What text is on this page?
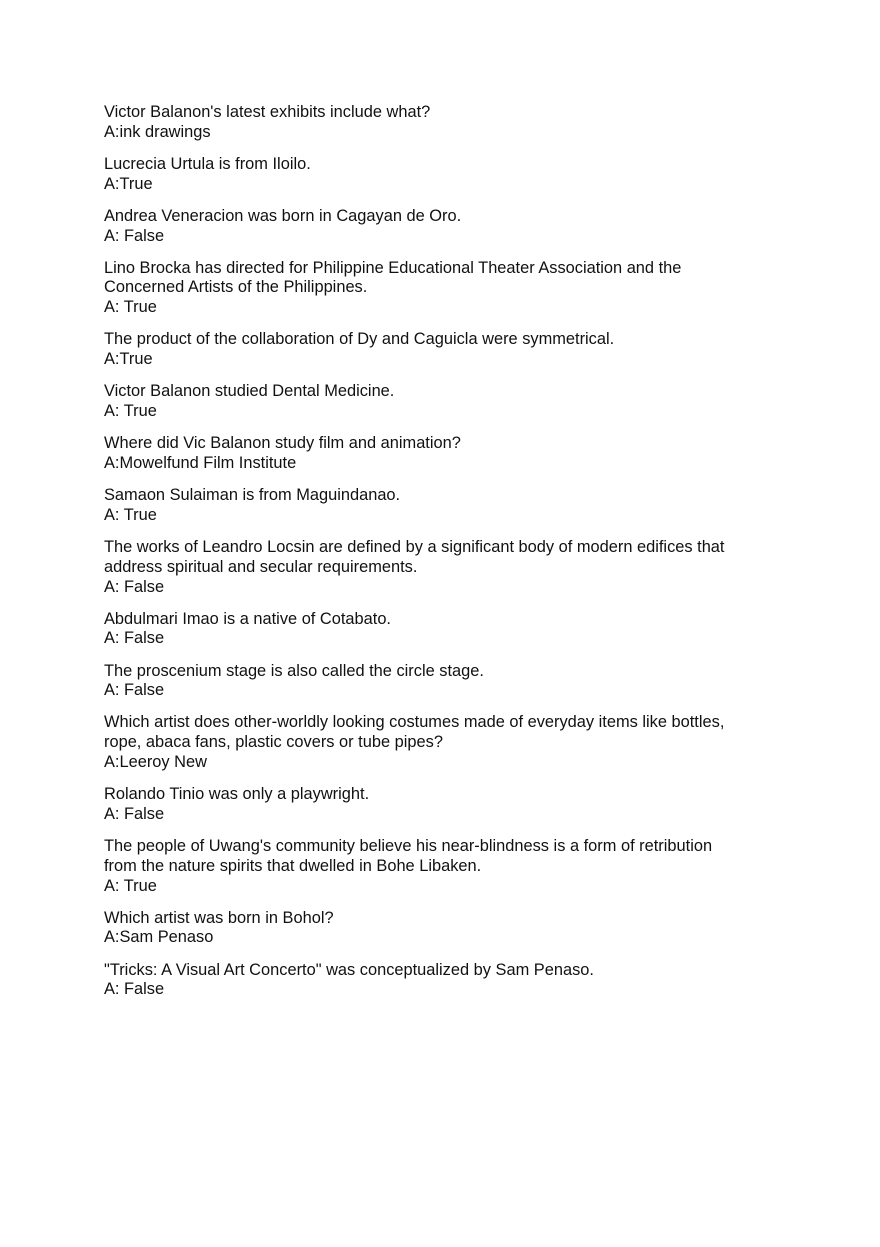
Victor Balanon's latest exhibits include what?
A:ink drawings
Lucrecia Urtula is from Iloilo.
A:True
Andrea Veneracion was born in Cagayan de Oro.
A: False
Lino Brocka has directed for Philippine Educational Theater Association and the
Concerned Artists of the Philippines.
A: True
The product of the collaboration of Dy and Caguicla were symmetrical.
A:True
Victor Balanon studied Dental Medicine.
A: True
Where did Vic Balanon study film and animation?
A:Mowelfund Film Institute
Samaon Sulaiman is from Maguindanao.
A: True
The works of Leandro Locsin are defined by a significant body of modern edifices that
address spiritual and secular requirements.
A: False
Abdulmari Imao is a native of Cotabato.
A: False
The proscenium stage is also called the circle stage.
A: False
Which artist does other-worldly looking costumes made of everyday items like bottles,
rope, abaca fans, plastic covers or tube pipes?
A:Leeroy New
Rolando Tinio was only a playwright.
A: False
The people of Uwang's community believe his near-blindness is a form of retribution
from the nature spirits that dwelled in Bohe Libaken.
A: True
Which artist was born in Bohol?
A:Sam Penaso
"Tricks: A Visual Art Concerto" was conceptualized by Sam Penaso.
A: False
